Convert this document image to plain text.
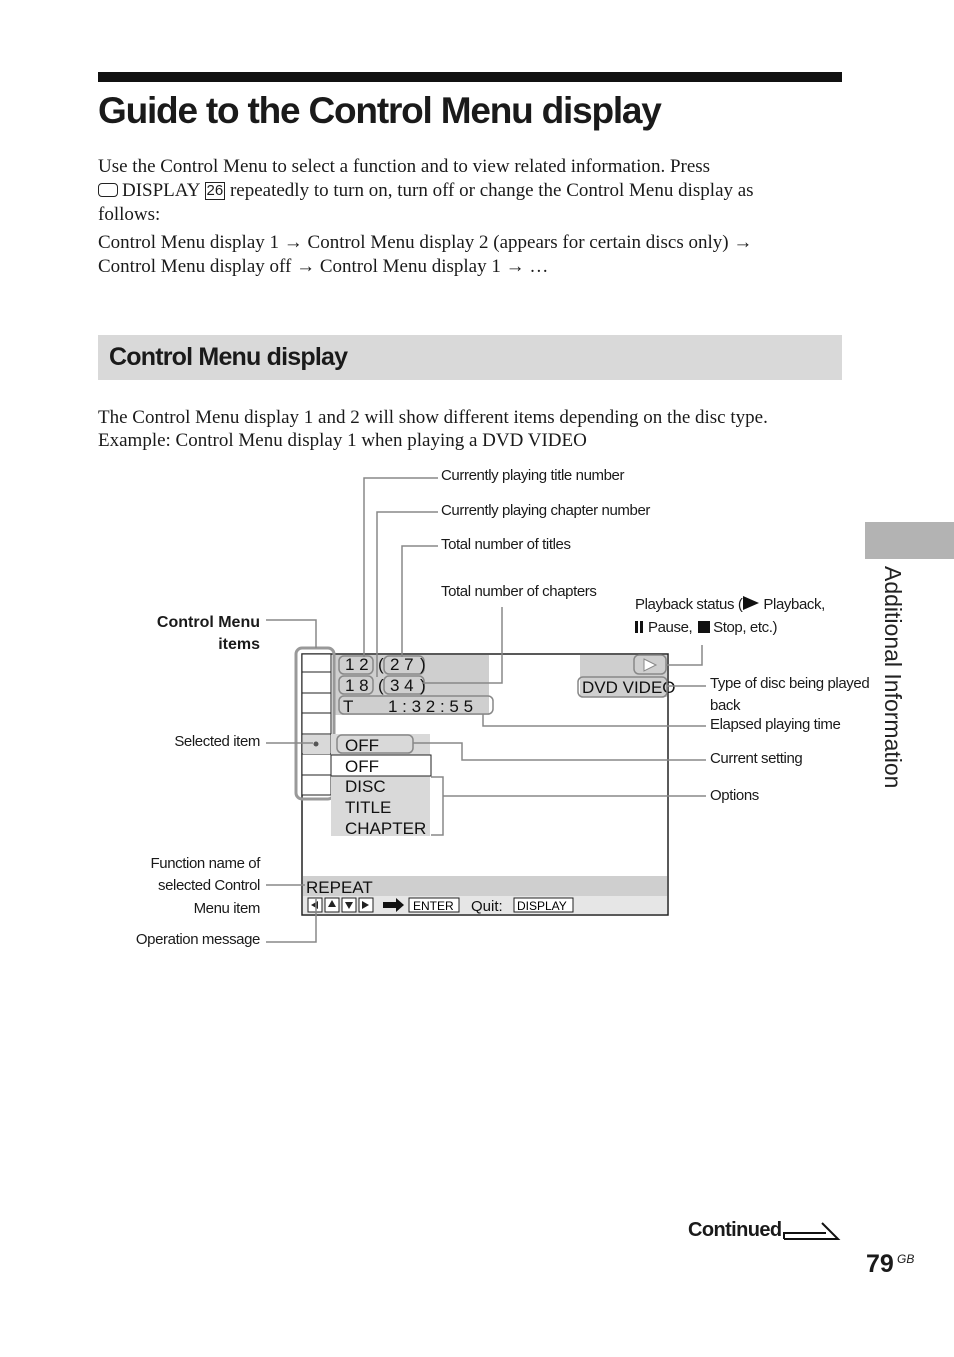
Guide to the Control Menu display
Use the Control Menu to select a function and to view related information. Press
DISPLAY 26 repeatedly to turn on, turn off or change the Control Menu display as
follows:
Control Menu display 1 → Control Menu display 2 (appears for certain discs only) →
Control Menu display off → Control Menu display 1 → …
Additional Information
Control Menu display
The Control Menu display 1 and 2 will show different items depending on the disc type.
Example: Control Menu display 1 when playing a DVD VIDEO
1 2 2 7
1 8 3 4
T 1 : 3 2 : 5 5
DVD VIDEO
OFF
OFF
DISC
TITLE
CHAPTER
REPEAT
( )
( )
ENTER Quit: DISPLAY
Currently playing title number
Currently playing chapter number
Total number of titles
Total number of chapters
Playback status ( Playback,
Pause, Stop, etc.)
Type of disc being played
back
Elapsed playing time
Current setting
Options
Control Menu
items
Selected item
Function name of
selected Control
Menu item
Operation message
Continued
79 GB
